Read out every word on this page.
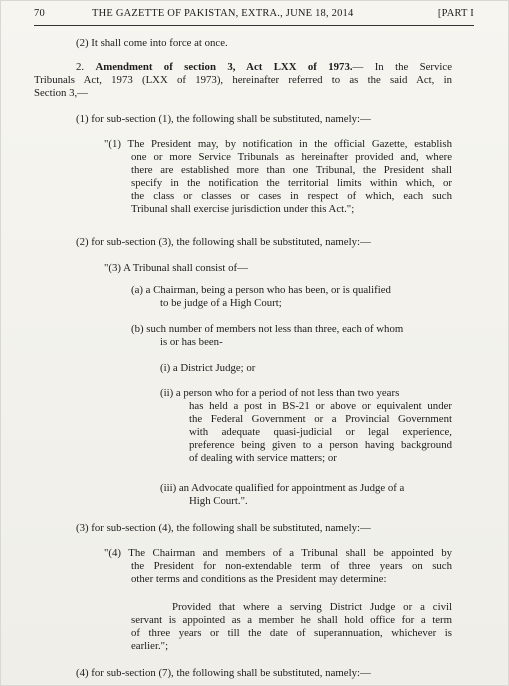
70	THE GAZETTE OF PAKISTAN, EXTRA., JUNE 18, 2014	[PART I
(2) It shall come into force at once.
2. Amendment of section 3, Act LXX of 1973.— In the Service
Tribunals Act, 1973 (LXX of 1973), hereinafter referred to as the said Act, in
Section 3,—
(1) for sub-section (1), the following shall be substituted, namely:—
"(1) The President may, by notification in the official Gazette, establish
one or more Service Tribunals as hereinafter provided and, where
there are established more than one Tribunal, the President shall
specify in the notification the territorial limits within which, or
the class or classes or cases in respect of which, each such
Tribunal shall exercise jurisdiction under this Act.";
(2) for sub-section (3), the following shall be substituted, namely:—
"(3) A Tribunal shall consist of—
(a) a Chairman, being a person who has been, or is qualified
to be judge of a High Court;
(b) such number of members not less than three, each of whom
is or has been-
(i) a District Judge; or
(ii) a person who for a period of not less than two years
has held a post in BS-21 or above or equivalent under
the Federal Government or a Provincial Government
with adequate quasi-judicial or legal experience,
preference being given to a person having background
of dealing with service matters; or
(iii) an Advocate qualified for appointment as Judge of a
High Court.".
(3) for sub-section (4), the following shall be substituted, namely:—
"(4) The Chairman and members of a Tribunal shall be appointed by
the President for non-extendable term of three years on such
other terms and conditions as the President may determine:
Provided that where a serving District Judge or a civil
servant is appointed as a member he shall hold office for a term
of three years or till the date of superannuation, whichever is
earlier.";
(4) for sub-section (7), the following shall be substituted, namely:—
